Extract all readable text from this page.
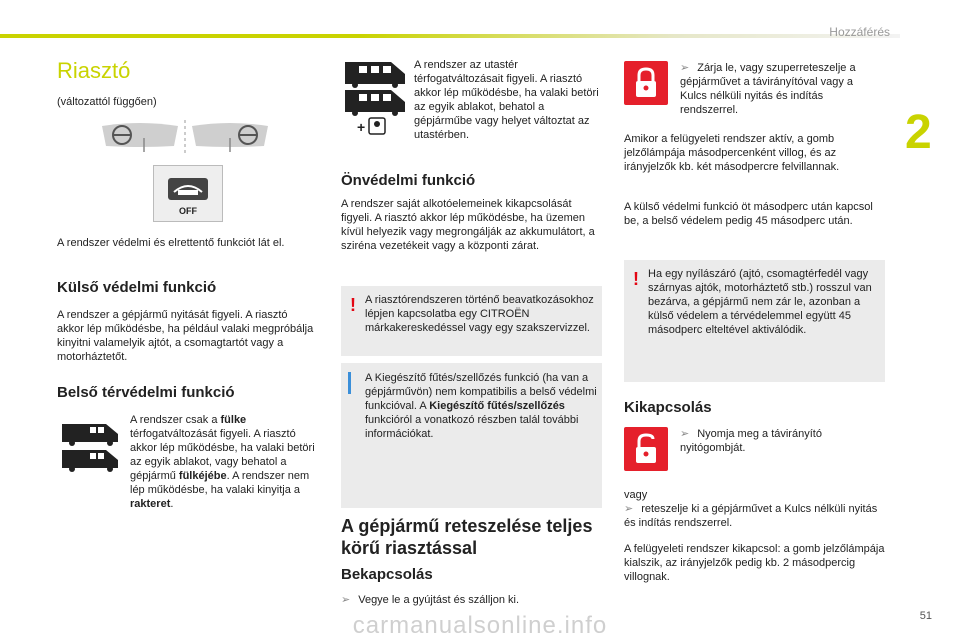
Hozzáférés
2
Riasztó
(változattól függően)
OFF
A rendszer védelmi és elrettentő funkciót lát el.
Külső védelmi funkció
A rendszer a gépjármű nyitását figyeli. A riasztó akkor lép működésbe, ha például valaki megpróbálja kinyitni valamelyik ajtót, a csomagtartót vagy a motorháztetőt.
Belső térvédelmi funkció
A rendszer csak a fülke térfogatváltozását figyeli. A riasztó akkor lép működésbe, ha valaki betöri az egyik ablakot, vagy behatol a gépjármű fülkéjébe. A rendszer nem lép működésbe, ha valaki kinyitja a rakteret.
+
A rendszer az utastér térfogatváltozásait figyeli. A riasztó akkor lép működésbe, ha valaki betöri az egyik ablakot, behatol a gépjárműbe vagy helyet változtat az utastérben.
Önvédelmi funkció
A rendszer saját alkotóelemeinek kikapcsolását figyeli. A riasztó akkor lép működésbe, ha üzemen kívül helyezik vagy megrongálják az akkumulátort, a sziréna vezetékeit vagy a központi zárat.
! A riasztórendszeren történő beavatkozásokhoz lépjen kapcsolatba egy CITROËN márkakereskedéssel vagy egy szakszervizzel.
A Kiegészítő fűtés/szellőzés funkció (ha van a gépjárművön) nem kompatibilis a belső védelmi funkcióval. A Kiegészítő fűtés/szellőzés funkcióról a vonatkozó részben talál további információkat.
A gépjármű reteszelése teljes körű riasztással
Bekapcsolás
➢ Vegye le a gyújtást és szálljon ki.
➢ Zárja le, vagy szuperreteszelje a gépjárművet a távirányítóval vagy a Kulcs nélküli nyitás és indítás rendszerrel.
Amikor a felügyeleti rendszer aktív, a gomb jelzőlámpája másodpercenként villog, és az irányjelzők kb. két másodpercre felvillannak.
A külső védelmi funkció öt másodperc után kapcsol be, a belső védelem pedig 45 másodperc után.
! Ha egy nyílászáró (ajtó, csomagtérfedél vagy szárnyas ajtók, motorháztető stb.) rosszul van bezárva, a gépjármű nem zár le, azonban a külső védelem a térvédelemmel együtt 45 másodperc elteltével aktiválódik.
Kikapcsolás
➢ Nyomja meg a távirányító nyitógombját.
vagy
➢ reteszelje ki a gépjárművet a Kulcs nélküli nyitás és indítás rendszerrel.
A felügyeleti rendszer kikapcsol: a gomb jelzőlámpája kialszik, az irányjelzők pedig kb. 2 másodpercig villognak.
51
carmanualsonline.info
